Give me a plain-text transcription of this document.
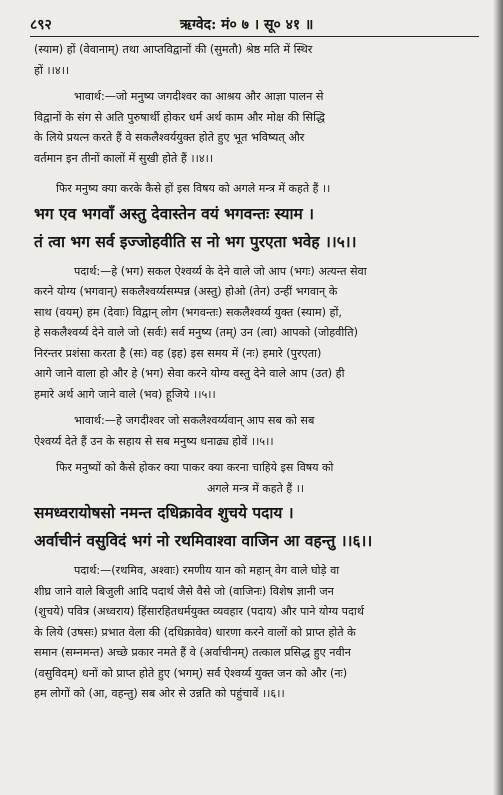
८९२	ऋग्वेद: मं० ७ । सू० ४१ ॥

(स्याम) हों (वेवानाम्) तथा आप्तविद्वानों की (सुमतौ) श्रेष्ठ मति में स्थिर

हों ।।४।।

भावार्थ:—जो मनुष्य जगदीश्वर का आश्रय और आज्ञा पालन से

विद्वानों के संग से अति पुरुषार्थी होकर धर्म अर्थ काम और मोक्ष की सिद्धि

के लिये प्रयत्न करते हैं वे सकलैश्वर्ययुक्त होते हुए भूत भविष्यत् और

वर्तमान इन तीनों कालों में सुखी होते हैं ।।४।।

फिर मनुष्य क्या करके कैसे हों इस विषय को अगले मन्त्र में कहते हैं ।।

भग एव भगवाँ अस्तु देवास्तेन वयं भगवन्तः स्याम ।

तं त्वा भग सर्व इज्जोहवीति स नो भग पुरएता भवेह ।।५।।

पदार्थ:—हे (भग) सकल ऐश्वर्य्य के देने वाले जो आप (भगः) अत्यन्त सेवा

करने योग्य (भगवान्) सकलैश्वर्य्यसम्पन्न (अस्तु) होओ (तेन) उन्हीं भगवान् के

साथ (वयम्) हम (देवाः) विद्वान् लोग (भगवन्तः) सकलैश्वर्य्य युक्त (स्याम) हों,

हे सकलैश्वर्य्य देने वाले जो (सर्वः) सर्व मनुष्य (तम्) उन (त्वा) आपको (जोहवीति)

निरन्तर प्रशंसा करता है (सः) वह (इह) इस समय में (नः) हमारे (पुरएता)

आगे जाने वाला हो और हे (भग) सेवा करने योग्य वस्तु देने वाले आप (उत) ही

हमारे अर्थ आगे जाने वाले (भव) हूजिये ।।५।।

भावार्थ:—हे जगदीश्वर जो सकलैश्वर्य्यवान् आप सब को सब

ऐश्वर्य्य देते हैं उन के सहाय से सब मनुष्य धनाढ्य होवें ।।५।।

फिर मनुष्यों को कैसे होकर क्या पाकर क्या करना चाहिये इस विषय को

अगले मन्त्र में कहते हैं ।।

समध्वरायोषसो नमन्त दधिक्रावेव शुचये पदाय ।

अर्वाचीनं वसुविदं भगं नो रथमिवाश्वा वाजिन आ वहन्तु ।।६।।

पदार्थ:—(रथमिव, अश्वाः) रमणीय यान को महान् वेग वाले घोड़े वा

शीघ्र जाने वाले बिजुली आदि पदार्थ जैसे वैसे जो (वाजिनः) विशेष ज्ञानी जन

(शुचये) पवित्र (अध्वराय) हिंसारहितधर्मयुक्त व्यवहार (पदाय) और पाने योग्य पदार्थ

के लिये (उषसः) प्रभात वेला की (दधिक्रावेव) धारणा करने वालों को प्राप्त होते के

समान (सम्नमन्त) अच्छे प्रकार नमते हैं वे (अर्वाचीनम्) तत्काल प्रसिद्ध हुए नवीन

(वसुविदम्) धनों को प्राप्त होते हुए (भगम्) सर्व ऐश्वर्य्य युक्त जन को और (नः)

हम लोगों को (आ, वहन्तु) सब ओर से उन्नति को पहुंचावें ।।६।।
